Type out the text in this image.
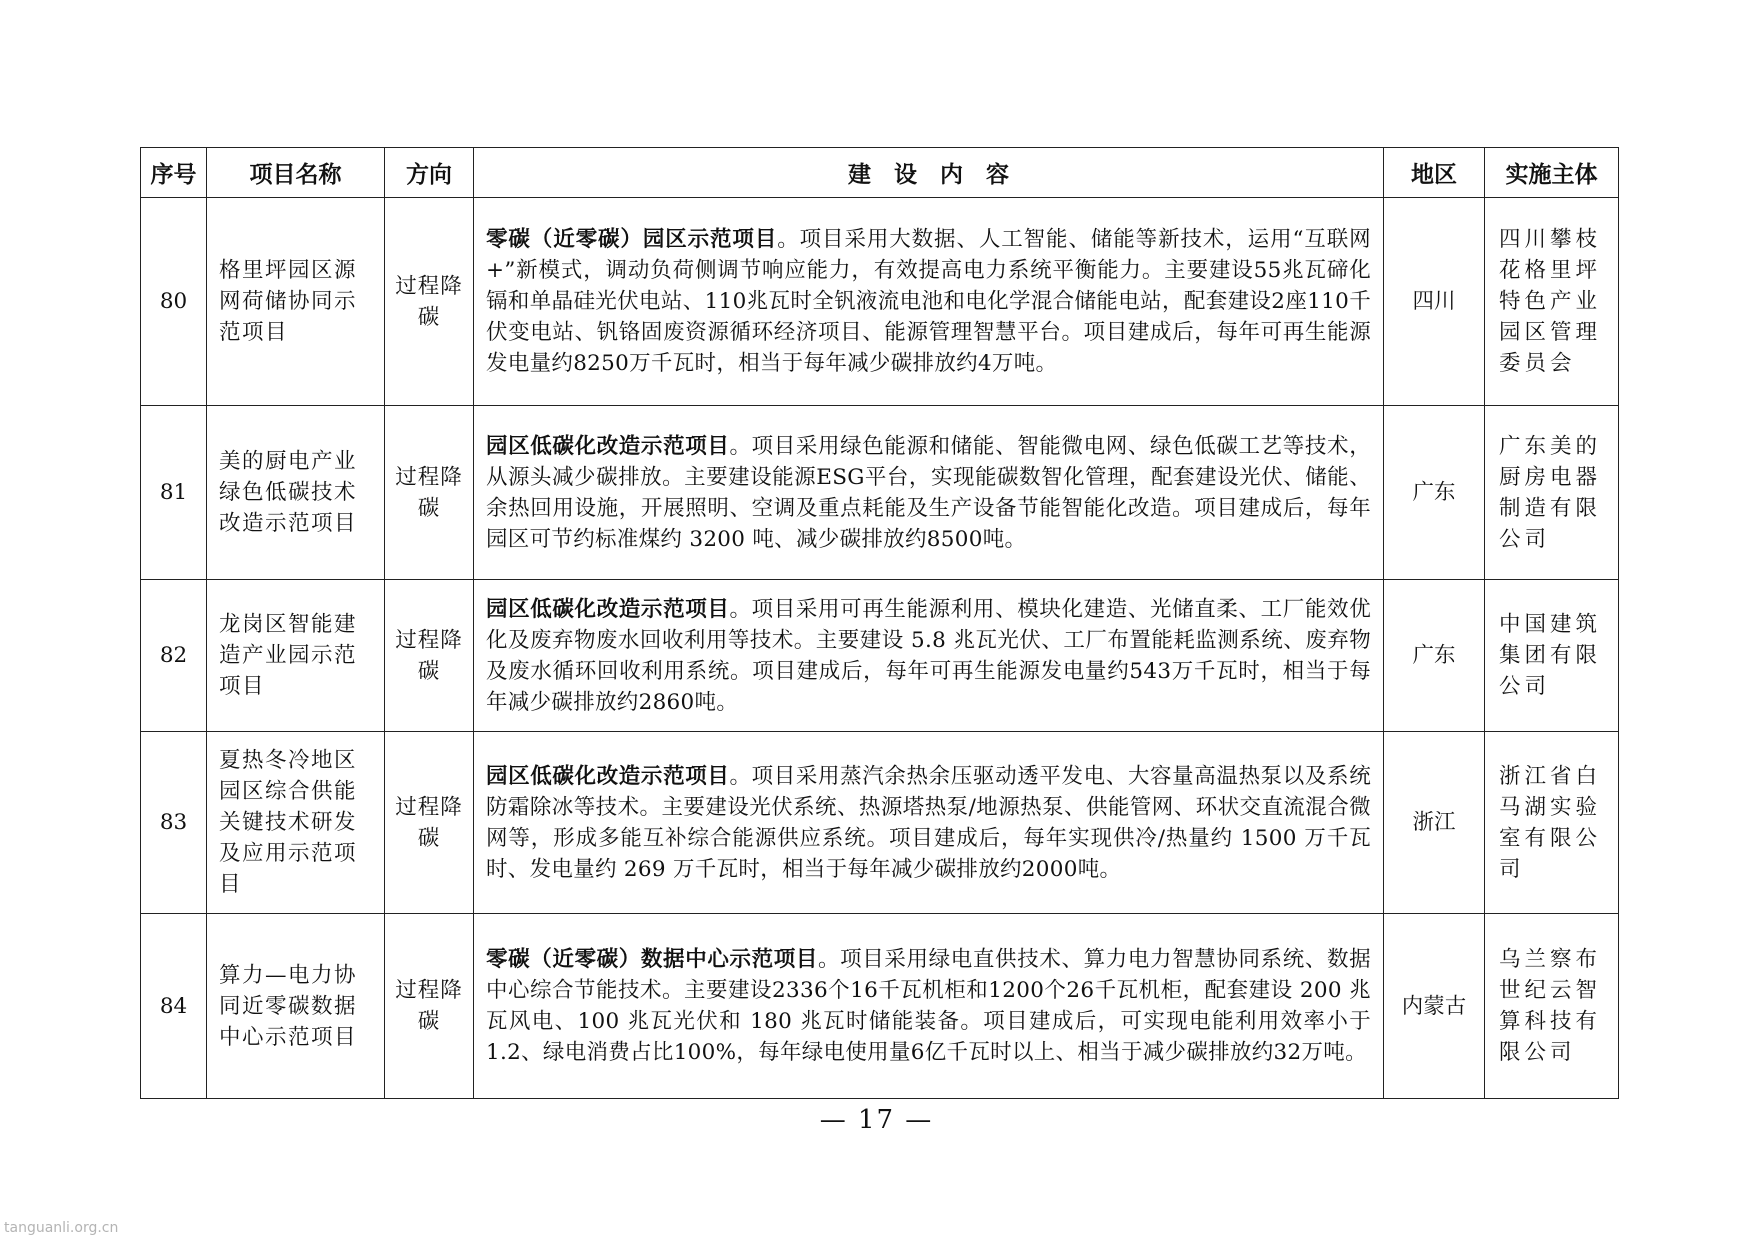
序号	项目名称	方向	建　设　内　容	地区	实施主体
80	格里坪园区源网荷储协同示范项目	过程降碳	零碳（近零碳）园区示范项目。项目采用大数据、人工智能、储能等新技术，运用“互联网+”新模式，调动负荷侧调节响应能力，有效提高电力系统平衡能力。主要建设55兆瓦碲化镉和单晶硅光伏电站、110兆瓦时全钒液流电池和电化学混合储能电站，配套建设2座110千伏变电站、钒铬固废资源循环经济项目、能源管理智慧平台。项目建成后，每年可再生能源发电量约8250万千瓦时，相当于每年减少碳排放约4万吨。	四川	四川攀枝花格里坪特色产业园区管理委员会
81	美的厨电产业绿色低碳技术改造示范项目	过程降碳	园区低碳化改造示范项目。项目采用绿色能源和储能、智能微电网、绿色低碳工艺等技术，从源头减少碳排放。主要建设能源ESG平台，实现能碳数智化管理，配套建设光伏、储能、余热回用设施，开展照明、空调及重点耗能及生产设备节能智能化改造。项目建成后，每年园区可节约标准煤约 3200 吨、减少碳排放约8500吨。	广东	广东美的厨房电器制造有限公司
82	龙岗区智能建造产业园示范项目	过程降碳	园区低碳化改造示范项目。项目采用可再生能源利用、模块化建造、光储直柔、工厂能效优化及废弃物废水回收利用等技术。主要建设 5.8 兆瓦光伏、工厂布置能耗监测系统、废弃物及废水循环回收利用系统。项目建成后，每年可再生能源发电量约543万千瓦时，相当于每年减少碳排放约2860吨。	广东	中国建筑集团有限公司
83	夏热冬冷地区园区综合供能关键技术研发及应用示范项目	过程降碳	园区低碳化改造示范项目。项目采用蒸汽余热余压驱动透平发电、大容量高温热泵以及系统防霜除冰等技术。主要建设光伏系统、热源塔热泵/地源热泵、供能管网、环状交直流混合微网等，形成多能互补综合能源供应系统。项目建成后，每年实现供冷/热量约 1500 万千瓦时、发电量约 269 万千瓦时，相当于每年减少碳排放约2000吨。	浙江	浙江省白马湖实验室有限公司
84	算力—电力协同近零碳数据中心示范项目	过程降碳	零碳（近零碳）数据中心示范项目。项目采用绿电直供技术、算力电力智慧协同系统、数据中心综合节能技术。主要建设2336个16千瓦机柜和1200个26千瓦机柜，配套建设 200 兆瓦风电、100 兆瓦光伏和 180 兆瓦时储能装备。项目建成后，可实现电能利用效率小于1.2、绿电消费占比100%，每年绿电使用量6亿千瓦时以上、相当于减少碳排放约32万吨。	内蒙古	乌兰察布世纪云智算科技有限公司
— 17 —
tanguanli.org.cn
